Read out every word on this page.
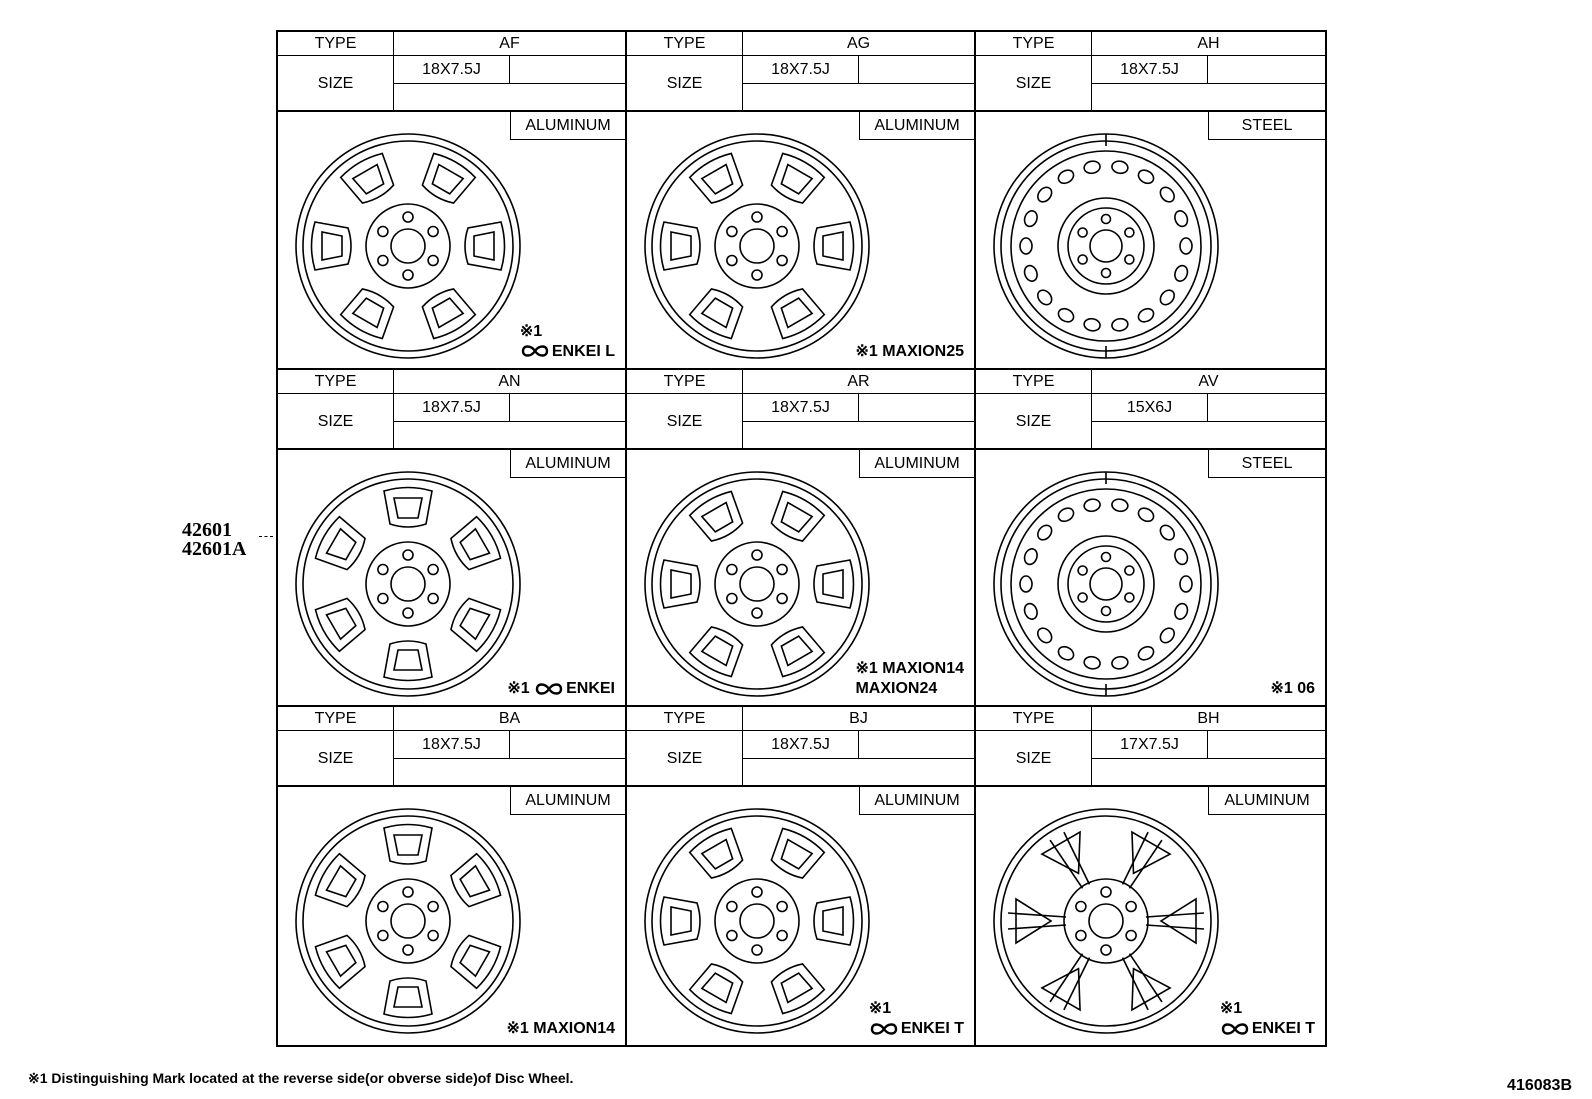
42601
42601A
TYPE	AF
SIZE
18X7.5J
ALUMINUM
※1
ENKEI L
TYPE	AG
SIZE
18X7.5J
ALUMINUM
※1 MAXION25
TYPE	AH
SIZE
18X7.5J
STEEL
TYPE	AN
SIZE
18X7.5J
ALUMINUM
※1 ENKEI
TYPE	AR
SIZE
18X7.5J
ALUMINUM
※1 MAXION14
MAXION24
TYPE	AV
SIZE
15X6J
STEEL
※1 06
TYPE	BA
SIZE
18X7.5J
ALUMINUM
※1 MAXION14
TYPE	BJ
SIZE
18X7.5J
ALUMINUM
※1
ENKEI T
TYPE	BH
SIZE
17X7.5J
ALUMINUM
※1
ENKEI T
※1 Distinguishing Mark located at the reverse side(or obverse side)of Disc Wheel.	416083B
